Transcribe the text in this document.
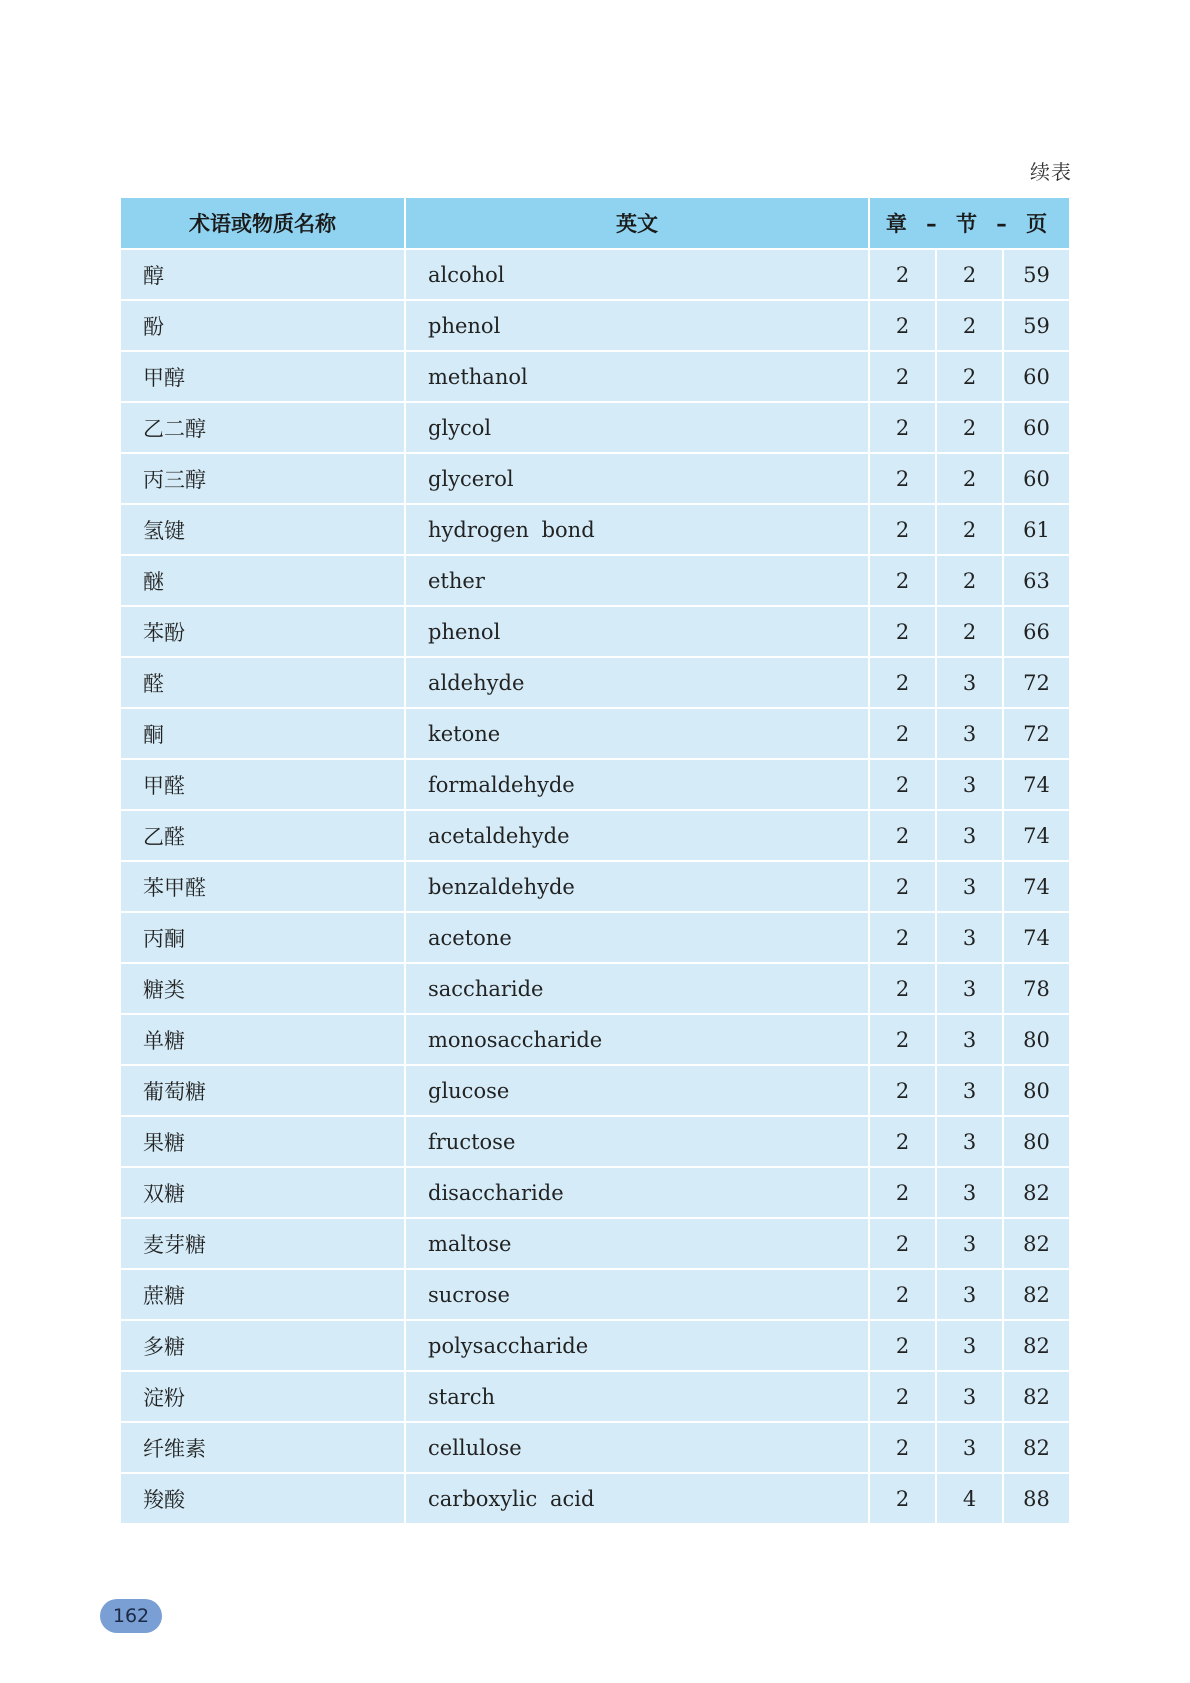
续表
术语或物质名称	英文	章 – 节 – 页		
醇	alcohol	2	2	59
酚	phenol	2	2	59
甲醇	methanol	2	2	60
乙二醇	glycol	2	2	60
丙三醇	glycerol	2	2	60
氢键	hydrogen bond	2	2	61
醚	ether	2	2	63
苯酚	phenol	2	2	66
醛	aldehyde	2	3	72
酮	ketone	2	3	72
甲醛	formaldehyde	2	3	74
乙醛	acetaldehyde	2	3	74
苯甲醛	benzaldehyde	2	3	74
丙酮	acetone	2	3	74
糖类	saccharide	2	3	78
单糖	monosaccharide	2	3	80
葡萄糖	glucose	2	3	80
果糖	fructose	2	3	80
双糖	disaccharide	2	3	82
麦芽糖	maltose	2	3	82
蔗糖	sucrose	2	3	82
多糖	polysaccharide	2	3	82
淀粉	starch	2	3	82
纤维素	cellulose	2	3	82
羧酸	carboxylic acid	2	4	88
162
